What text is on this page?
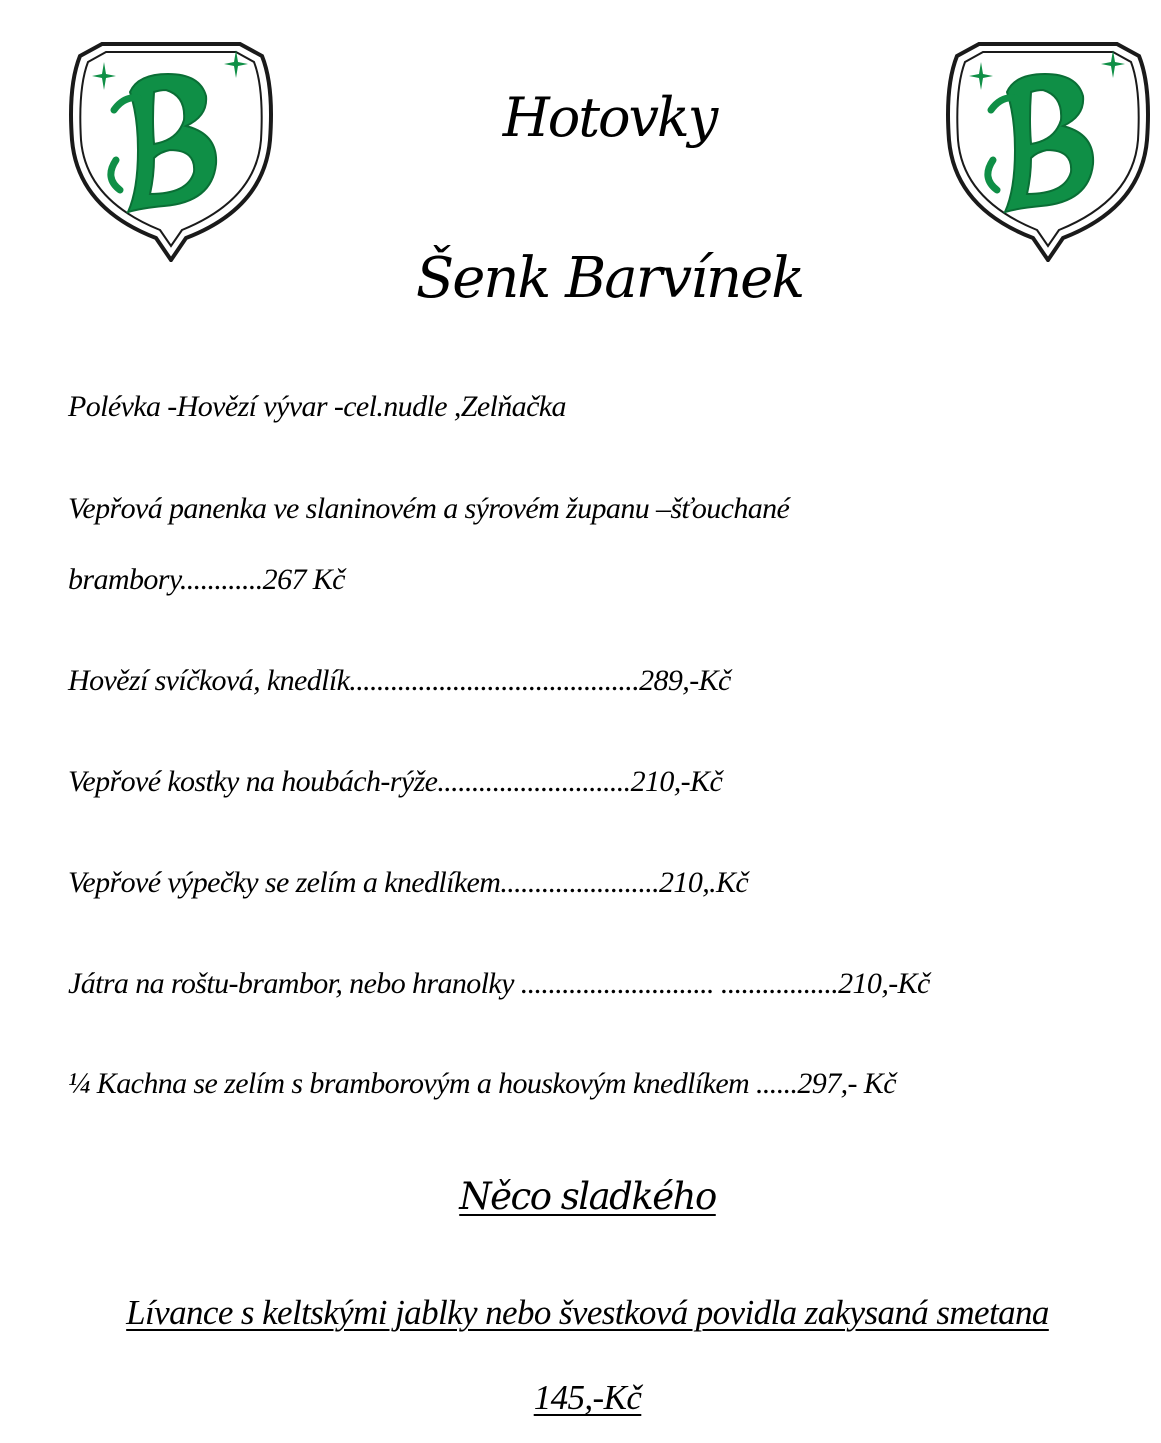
B
Hotovky
Šenk Barvínek
Polévka -Hovězí vývar -cel.nudle ,Zelňačka
Vepřová panenka ve slaninovém a sýrovém županu –šťouchané
brambory............267 Kč
Hovězí svíčková, knedlík..........................................289,-Kč
Vepřové kostky na houbách-rýže............................210,-Kč
Vepřové výpečky se zelím a knedlíkem.......................210,.Kč
Játra na roštu-brambor, nebo hranolky ............................ .................210,-Kč
¼ Kachna se zelím s bramborovým a houskovým knedlíkem ......297,- Kč
Něco sladkého
Lívance s keltskými jablky nebo švestková povidla zakysaná smetana
145,-Kč
